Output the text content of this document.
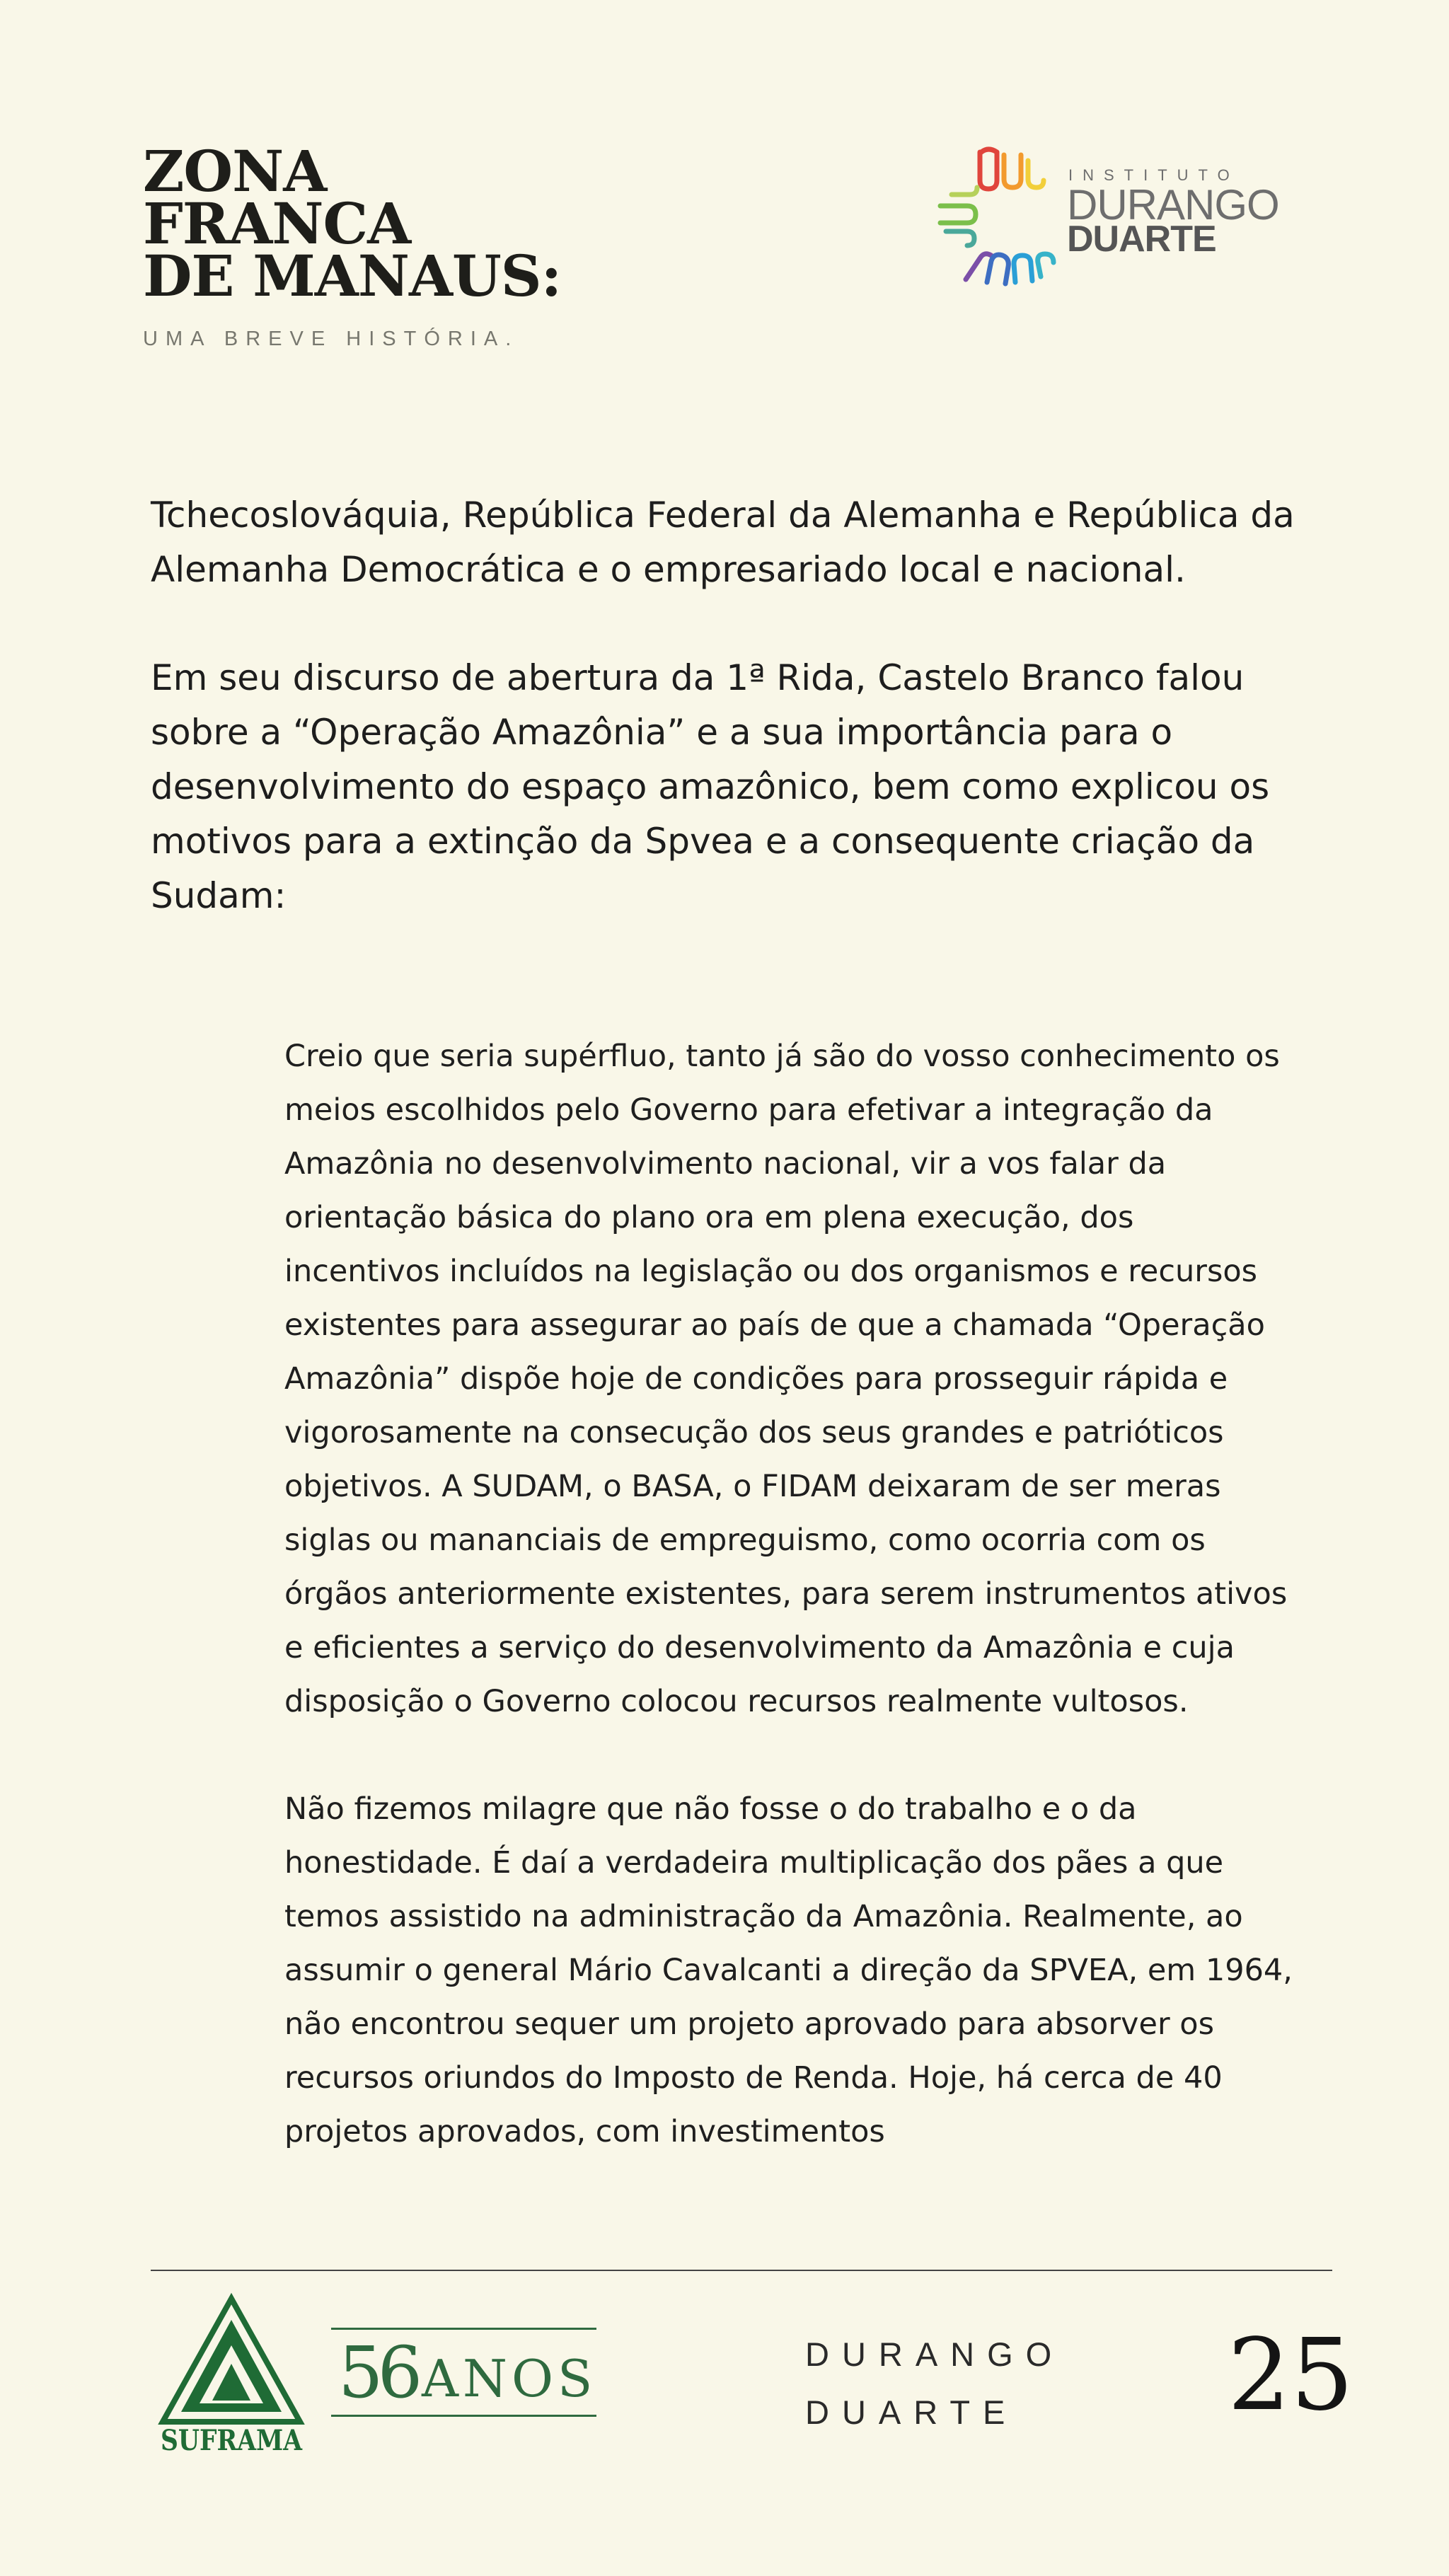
ZONA
FRANCA
DE MANAUS:
UMA BREVE HISTÓRIA.
INSTITUTO
DURANGO
DUARTE

Tchecoslováquia, República Federal da Alemanha e República da Alemanha Democrática e o empresariado local e nacional.

Em seu discurso de abertura da 1ª Rida, Castelo Branco falou sobre a “Operação Amazônia” e a sua importância para o desenvolvimento do espaço amazônico, bem como explicou os motivos para a extinção da Spvea e a consequente criação da Sudam:

Creio que seria supérfluo, tanto já são do vosso conhecimento os meios escolhidos pelo Governo para efetivar a integração da Amazônia no desenvolvimento nacional, vir a vos falar da orientação básica do plano ora em plena execução, dos incentivos incluídos na legislação ou dos organismos e recursos existentes para assegurar ao país de que a chamada “Operação Amazônia” dispõe hoje de condições para prosseguir rápida e vigorosamente na consecução dos seus grandes e patrióticos objetivos. A SUDAM, o BASA, o FIDAM deixaram de ser meras siglas ou mananciais de empreguismo, como ocorria com os órgãos anteriormente existentes, para serem instrumentos ativos e eficientes a serviço do desenvolvimento da Amazônia e cuja disposição o Governo colocou recursos realmente vultosos.

Não fizemos milagre que não fosse o do trabalho e o da honestidade. É daí a verdadeira multiplicação dos pães a que temos assistido na administração da Amazônia. Realmente, ao assumir o general Mário Cavalcanti a direção da SPVEA, em 1964, não encontrou sequer um projeto aprovado para absorver os recursos oriundos do Imposto de Renda. Hoje, há cerca de 40 projetos aprovados, com investimentos

SUFRAMA
56 ANOS	DURANGO
DUARTE	25
